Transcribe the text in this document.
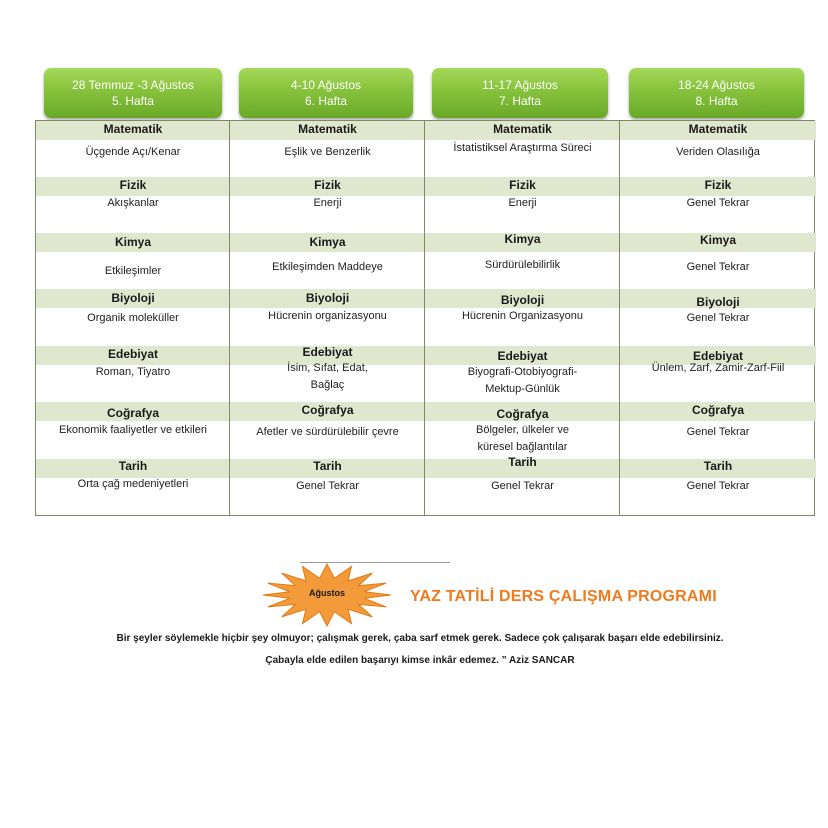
28 Temmuz -3 Ağustos
5. Hafta
4-10 Ağustos
6. Hafta
11-17 Ağustos
7. Hafta
18-24 Ağustos
8. Hafta
Matematik
Üçgende Açı/Kenar
Fizik
Akışkanlar
Kimya
Etkileşimler
Biyoloji
Organik moleküller
Edebiyat
Roman, Tiyatro
Coğrafya
Ekonomik faaliyetler ve etkileri
Tarih
Orta çağ medeniyetleri
Matematik
Eşlik ve Benzerlik
Fizik
Enerji
Kimya
Etkileşimden Maddeye
Biyoloji
Hücrenin organizasyonu
Edebiyat
İsim, Sıfat, Edat, Bağlaç
Coğrafya
Afetler ve sürdürülebilir çevre
Tarih
Genel Tekrar
Matematik
İstatistiksel Araştırma Süreci
Fizik
Enerji
Kimya
Sürdürülebilirlik
Biyoloji
Hücrenin Organizasyonu
Edebiyat
Biyografi-Otobiyografi-Mektup-Günlük
Coğrafya
Bölgeler, ülkeler ve küresel bağlantılar
Tarih
Genel Tekrar
Matematik
Veriden Olasılığa
Fizik
Genel Tekrar
Kimya
Genel Tekrar
Biyoloji
Genel Tekrar
Edebiyat
Ünlem, Zarf, Zamir-Zarf-Fiil
Coğrafya
Genel Tekrar
Tarih
Genel Tekrar
Ağustos	YAZ TATİLİ DERS ÇALIŞMA PROGRAMI
Bir şeyler söylemekle hiçbir şey olmuyor; çalışmak gerek, çaba sarf etmek gerek. Sadece çok çalışarak başarı elde edebilirsiniz.
Çabayla elde edilen başarıyı kimse inkâr edemez. ” Aziz SANCAR
